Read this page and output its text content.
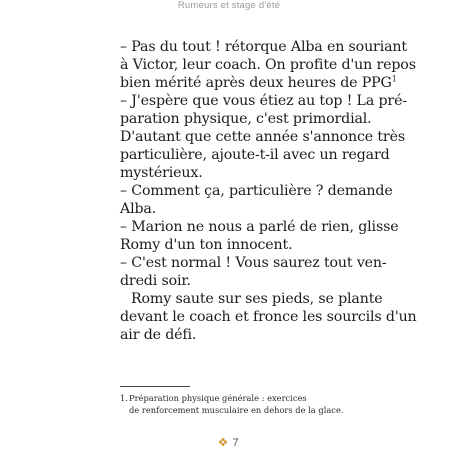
Rumeurs et stage d'été
– Pas du tout ! rétorque Alba en souriant
à Victor, leur coach. On profite d'un repos
bien mérité après deux heures de PPG$^1$
– J'espère que vous étiez au top ! La pré-
paration physique, c'est primordial.
D'autant que cette année s'annonce très
particulière, ajoute-t-il avec un regard
mystérieux.
– Comment ça, particulière ? demande
Alba.
– Marion ne nous a parlé de rien, glisse
Romy d'un ton innocent.
– C'est normal ! Vous saurez tout ven-
dredi soir.
Romy saute sur ses pieds, se plante
devant le coach et fronce les sourcils d'un
air de défi.
1.Préparation physique générale : exercices
de renforcement musculaire en dehors de la glace.
7
